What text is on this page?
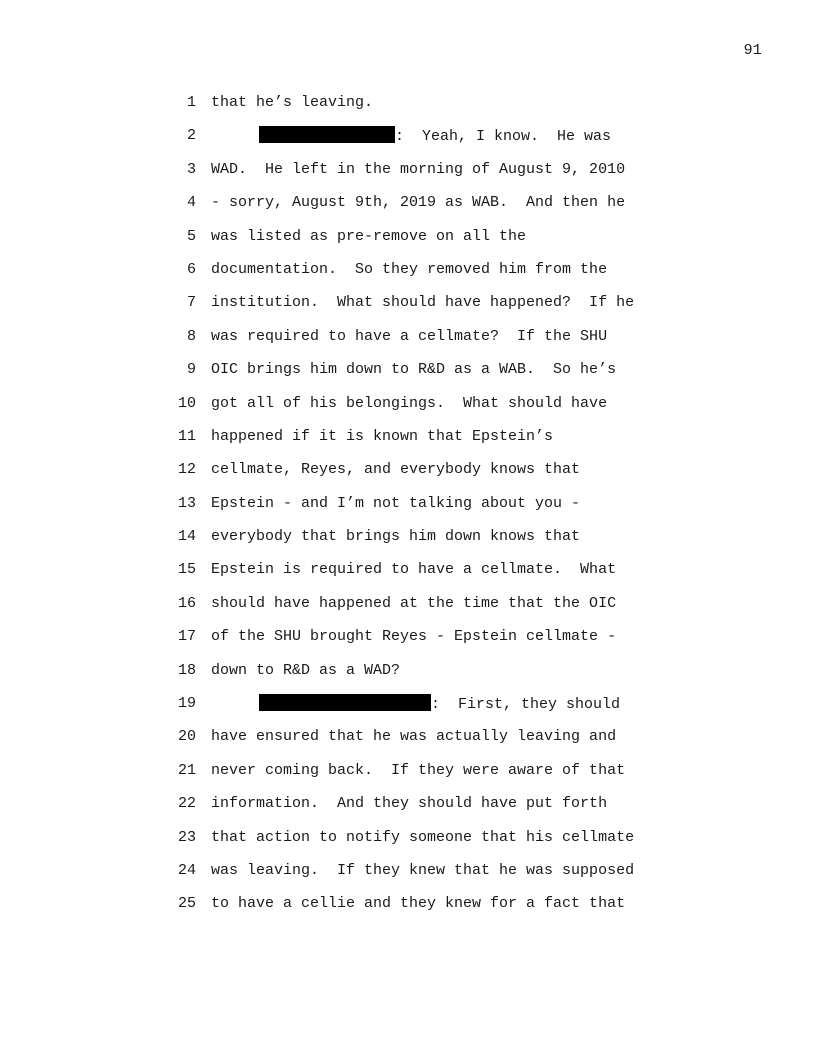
91
1 that he’s leaving.
2	:  Yeah, I know.  He was
3 WAD.  He left in the morning of August 9, 2010
4 - sorry, August 9th, 2019 as WAB.  And then he
5 was listed as pre-remove on all the
6 documentation.  So they removed him from the
7 institution.  What should have happened?  If he
8 was required to have a cellmate?  If the SHU
9 OIC brings him down to R&D as a WAB.  So he’s
10 got all of his belongings.  What should have
11 happened if it is known that Epstein’s
12 cellmate, Reyes, and everybody knows that
13 Epstein - and I’m not talking about you -
14 everybody that brings him down knows that
15 Epstein is required to have a cellmate.  What
16 should have happened at the time that the OIC
17 of the SHU brought Reyes - Epstein cellmate -
18 down to R&D as a WAD?
19	:  First, they should
20 have ensured that he was actually leaving and
21 never coming back.  If they were aware of that
22 information.  And they should have put forth
23 that action to notify someone that his cellmate
24 was leaving.  If they knew that he was supposed
25 to have a cellie and they knew for a fact that
